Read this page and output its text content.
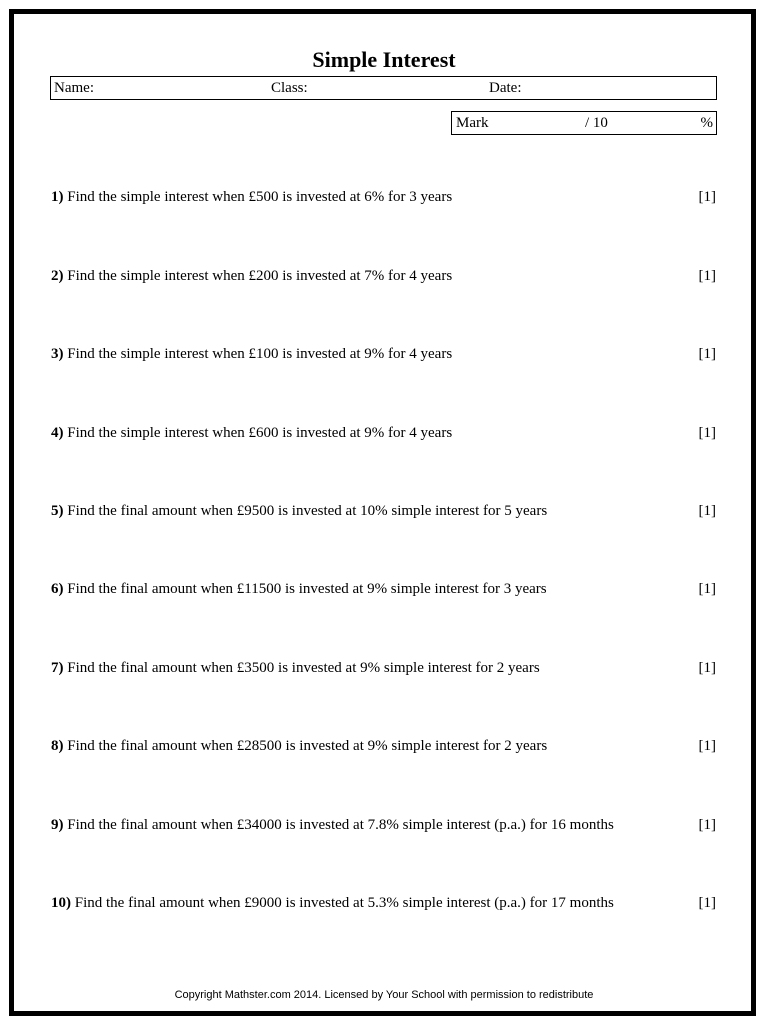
Simple Interest
Name:	Class:	Date:
Mark	/ 10	%
1) Find the simple interest when £500 is invested at 6% for 3 years	[1]
2) Find the simple interest when £200 is invested at 7% for 4 years	[1]
3) Find the simple interest when £100 is invested at 9% for 4 years	[1]
4) Find the simple interest when £600 is invested at 9% for 4 years	[1]
5) Find the final amount when £9500 is invested at 10% simple interest for 5 years	[1]
6) Find the final amount when £11500 is invested at 9% simple interest for 3 years	[1]
7) Find the final amount when £3500 is invested at 9% simple interest for 2 years	[1]
8) Find the final amount when £28500 is invested at 9% simple interest for 2 years	[1]
9) Find the final amount when £34000 is invested at 7.8% simple interest (p.a.) for 16 months	[1]
10) Find the final amount when £9000 is invested at 5.3% simple interest (p.a.) for 17 months	[1]
Copyright Mathster.com 2014. Licensed by Your School with permission to redistribute
